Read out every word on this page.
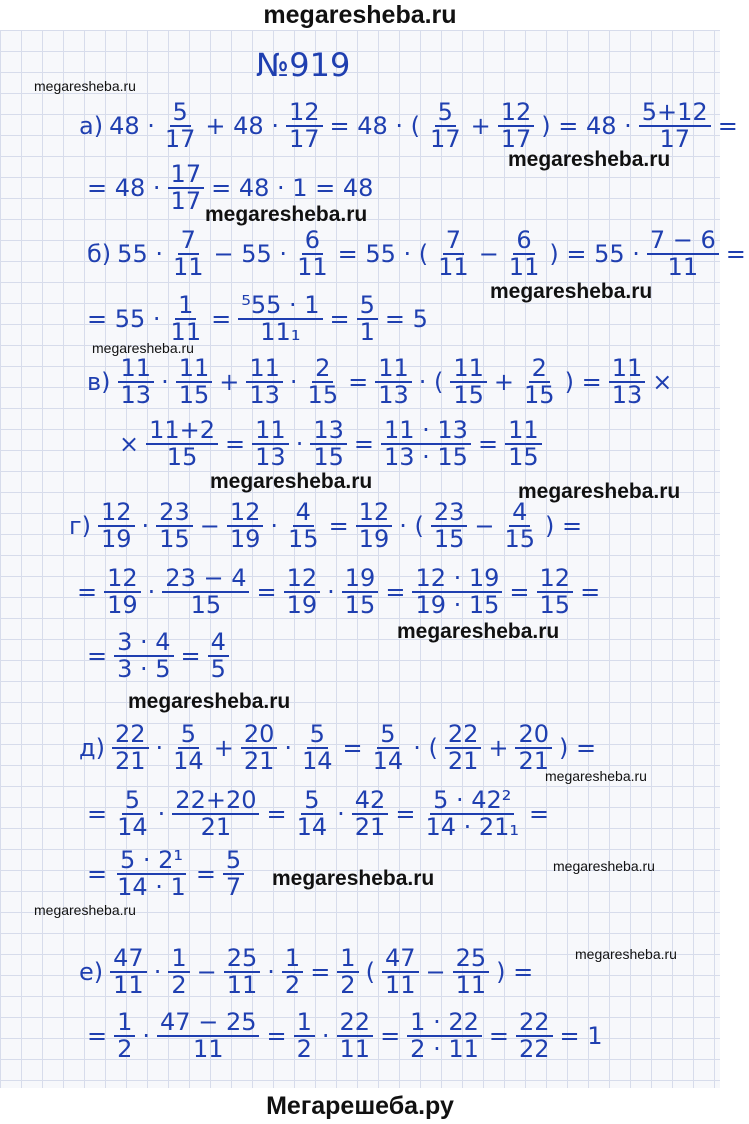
megaresheba.ru
№919
megaresheba.ru
megaresheba.ru
megaresheba.ru
megaresheba.ru
megaresheba.ru
megaresheba.ru	megaresheba.ru
megaresheba.ru
megaresheba.ru
megaresheba.ru
megaresheba.ru
megaresheba.ru
megaresheba.ru
megaresheba.ru
а) $48 \cdot \frac{5}{17} + 48 \cdot \frac{12}{17} = 48$ · ( $\frac{5}{17} + \frac{12}{17}$ ) = $48 \cdot \frac{5+12}{17}$ =
= $48 \cdot \frac{17}{17} = 48 \cdot 1 = 48$
б) $55 \cdot \frac{7}{11} - 55 \cdot \frac{6}{11} = 55$ · ( $\frac{7}{11} - \frac{6}{11}$ ) = $55 \cdot \frac{7 - 6}{11}$ =
= $55 \cdot \frac{1}{11} = \frac{\text{⁵55 · 1}}{\text{11₁}} = \frac{5}{1} = 5$
$в) \frac{11}{13} \cdot \frac{11}{15} + \frac{11}{13} \cdot \frac{2}{15} = \frac{11}{13}$ · ( $\frac{11}{15} + \frac{2}{15}$ ) = $\frac{11}{13}$ ×
× $\frac{11+2}{15} = \frac{11}{13} \cdot \frac{13}{15} = \frac{11 \cdot 13}{13 \cdot 15} = \frac{11}{15}$
$г) \frac{12}{19} \cdot \frac{23}{15} - \frac{12}{19} \cdot \frac{4}{15} = \frac{12}{19}$ · ( $\frac{23}{15} - \frac{4}{15}$ ) =
= $\frac{12}{19} \cdot \frac{23 - 4}{15} = \frac{12}{19} \cdot \frac{19}{15} = \frac{12 \cdot 19}{19 \cdot 15} = \frac{12}{15}$ =
= $\frac{3 \cdot 4}{3 \cdot 5} = \frac{4}{5}$
$д) \frac{22}{21} \cdot \frac{5}{14} + \frac{20}{21} \cdot \frac{5}{14} = \frac{5}{14}$ · ( $\frac{22}{21} + \frac{20}{21}$ ) =
= $\frac{5}{14} \cdot \frac{22+20}{21} = \frac{5}{14} \cdot \frac{42}{21} = \frac{\text{5 · 42²}}{\text{14 · 21₁}}$ =
= $\frac{\text{5 · 2¹}}{14 \cdot 1} = \frac{5}{7}$
$е) \frac{47}{11} \cdot \frac{1}{2} - \frac{25}{11} \cdot \frac{1}{2} = \frac{1}{2}$ ( $\frac{47}{11} - \frac{25}{11}$ ) =
= $\frac{1}{2} \cdot \frac{47 - 25}{11} = \frac{1}{2} \cdot \frac{22}{11} = \frac{1 \cdot 22}{2 \cdot 11} = \frac{22}{22} = 1$
Мегарешеба.ру
